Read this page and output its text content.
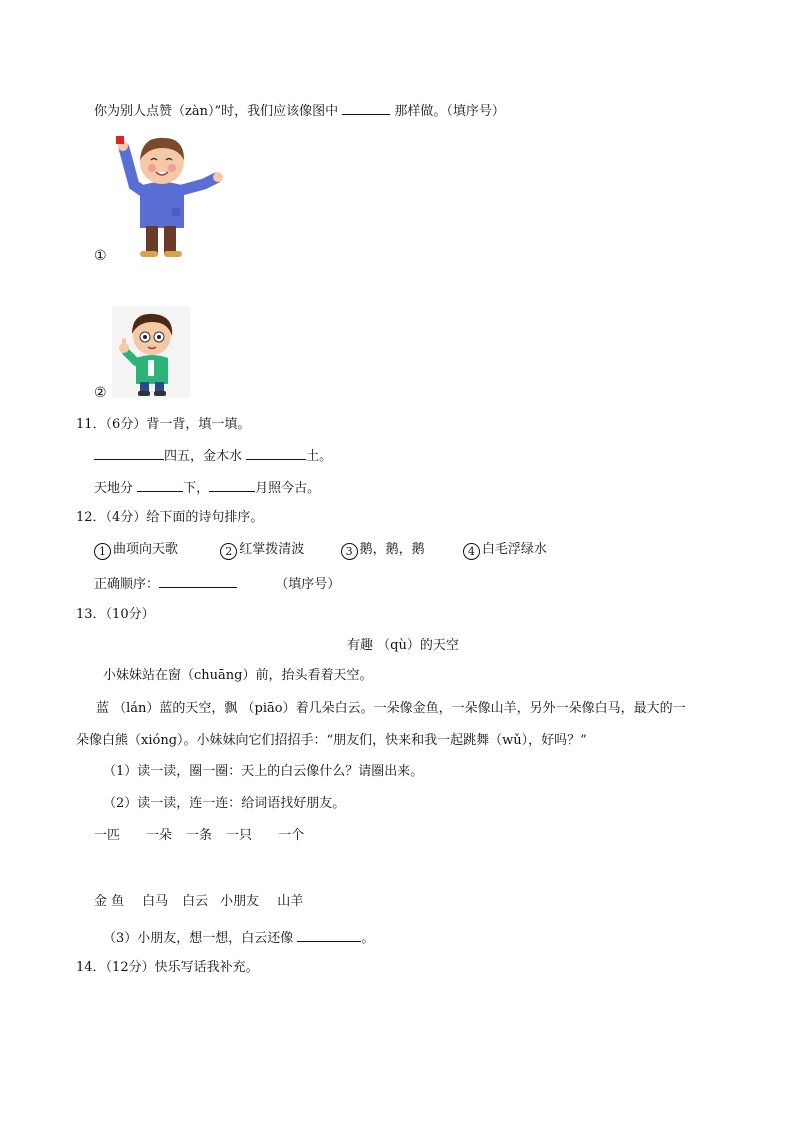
你为别人点赞（zàn）”时，我们应该像图中	那样做。（填序号）
①
②
11．（6分）背一背，填一填。
四五，金木水	土。
天地分	下，	月照今古。
12．（4分）给下面的诗句排序。
1 曲项向天歌	2 红掌拨清波	3 鹅，鹅，鹅	4 白毛浮绿水
正确顺序：	（填序号）
13．（10分）
有趣 （qù）的天空
小妹妹站在窗（chuāng）前，抬头看着天空。
蓝 （lán）蓝的天空，飘 （piāo）着几朵白云。一朵像金鱼，一朵像山羊，另外一朵像白马，最大的一
朵像白熊（xióng）。小妹妹向它们招招手：“朋友们，快来和我一起跳舞（wǔ），好吗？”
（1）读一读，圈一圈：天上的白云像什么？请圈出来。
（2）读一读，连一连：给词语找好朋友。
一匹 一朵 一条 一只 一个
金 鱼 白马 白云 小朋友 山羊
（3）小朋友，想一想，白云还像	。
14．（12分）快乐写话我补充。
